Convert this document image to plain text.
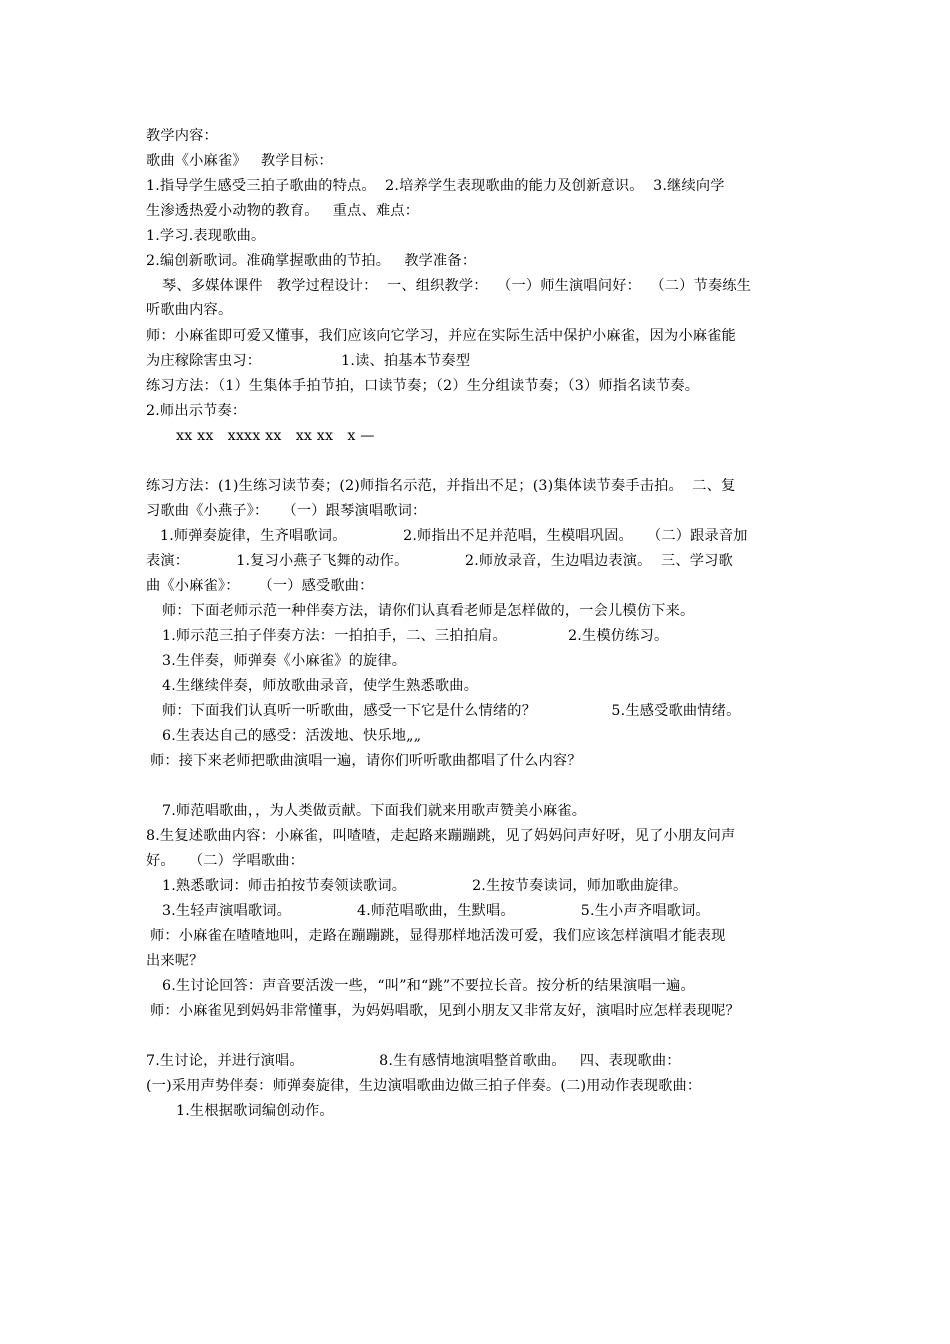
教学内容：
歌曲《小麻雀》   教学目标：
1.指导学生感受三拍子歌曲的特点。  2.培养学生表现歌曲的能力及创新意识。  3.继续向学
生渗透热爱小动物的教育。   重点、难点：
1.学习.表现歌曲。
2.编创新歌词。准确掌握歌曲的节拍。   教学准备：
琴、多媒体课件   教学过程设计：  一、组织教学：  （一）师生演唱问好：  （二）节奏练生
听歌曲内容。
师：小麻雀即可爱又懂事，我们应该向它学习，并应在实际生活中保护小麻雀，因为小麻雀能
为庄稼除害虫习：                 1.读、拍基本节奏型
练习方法：（1）生集体手拍节拍，口读节奏；（2）生分组读节奏；（3）师指名读节奏。
2.师出示节奏：
xx xx   xxxx xx   xx xx   x —
练习方法：(1)生练习读节奏；(2)师指名示范，并指出不足；(3)集体读节奏手击拍。  二、复
习歌曲《小燕子》：   （一）跟琴演唱歌词：
1.师弹奏旋律，生齐唱歌词。            2.师指出不足并范唱，生模唱巩固。   （二）跟录音加
表演：          1.复习小燕子飞舞的动作。            2.师放录音，生边唱边表演。  三、学习歌
曲《小麻雀》：    （一）感受歌曲：
师：下面老师示范一种伴奏方法，请你们认真看老师是怎样做的，一会儿模仿下来。
1.师示范三拍子伴奏方法：一拍拍手，二、三拍拍肩。             2.生模仿练习。
3.生伴奏，师弹奏《小麻雀》的旋律。
4.生继续伴奏，师放歌曲录音，使学生熟悉歌曲。
师：下面我们认真听一听歌曲，感受一下它是什么情绪的？                5.生感受歌曲情绪。
6.生表达自己的感受：活泼地、快乐地„„
师：接下来老师把歌曲演唱一遍，请你们听听歌曲都唱了什么内容？
7.师范唱歌曲，，为人类做贡献。下面我们就来用歌声赞美小麻雀。
8.生复述歌曲内容：小麻雀，叫喳喳，走起路来蹦蹦跳，见了妈妈问声好呀，见了小朋友问声
好。   （二）学唱歌曲：
1.熟悉歌词：师击拍按节奏领读歌词。              2.生按节奏读词，师加歌曲旋律。
3.生轻声演唱歌词。              4.师范唱歌曲，生默唱。              5.生小声齐唱歌词。
师：小麻雀在喳喳地叫，走路在蹦蹦跳，显得那样地活泼可爱，我们应该怎样演唱才能表现
出来呢？
6.生讨论回答：声音要活泼一些，“叫”和“跳”不要拉长音。按分析的结果演唱一遍。
师：小麻雀见到妈妈非常懂事，为妈妈唱歌，见到小朋友又非常友好，演唱时应怎样表现呢？
7.生讨论，并进行演唱。                8.生有感情地演唱整首歌曲。   四、表现歌曲：
(一)采用声势伴奏：师弹奏旋律，生边演唱歌曲边做三拍子伴奏。(二)用动作表现歌曲：
1.生根据歌词编创动作。
